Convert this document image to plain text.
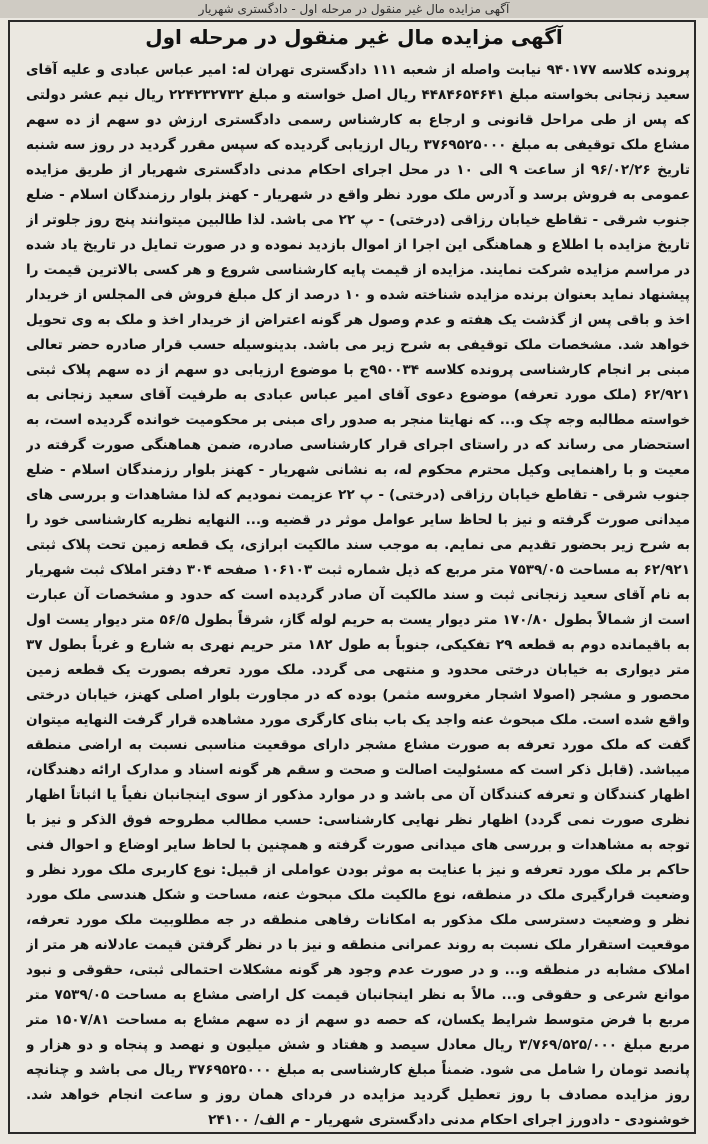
آگهی مزایده مال غیر منقول در مرحله اول - دادگستری شهریار
آگهی مزایده مال غیر منقول در مرحله اول

پرونده کلاسه ۹۴۰۱۷۷ نیابت واصله از شعبه ۱۱۱ دادگستری تهران له: امیر عباس عبادی و علیه آقای سعید زنجانی بخواسته مبلغ ۴۴۸۴۶۵۴۶۴۱ ریال اصل خواسته و مبلغ ۲۲۴۲۳۲۷۳۲ ریال نیم عشر دولتی که پس از طی مراحل قانونی و ارجاع به کارشناس رسمی دادگستری ارزش دو سهم از ده سهم مشاع ملک توقیفی به مبلغ ۳۷۶۹۵۲۵۰۰۰ ریال ارزیابی گردیده که سپس مقرر گردید در روز سه شنبه تاریخ ۹۶/۰۲/۲۶ از ساعت ۹ الی ۱۰ در محل اجرای احکام مدنی دادگستری شهریار از طریق مزایده عمومی به فروش برسد و آدرس ملک مورد نظر واقع در شهریار - کهنز بلوار رزمندگان اسلام - ضلع جنوب شرقی - تقاطع خیابان رزاقی (درختی) - پ ۲۲ می باشد. لذا طالبین میتوانند پنج روز جلوتر از تاریخ مزایده با اطلاع و هماهنگی این اجرا از اموال بازدید نموده و در صورت تمایل در تاریخ یاد شده در مراسم مزایده شرکت نمایند. مزایده از قیمت پایه کارشناسی شروع و هر کسی بالاترین قیمت را پیشنهاد نماید بعنوان برنده مزایده شناخته شده و ۱۰ درصد از کل مبلغ فروش فی المجلس از خریدار اخذ و باقی پس از گذشت یک هفته و عدم وصول هر گونه اعتراض از خریدار اخذ و ملک به وی تحویل خواهد شد. مشخصات ملک توقیفی به شرح زیر می باشد. بدینوسیله حسب قرار صادره حضر تعالی مبنی بر انجام کارشناسی پرونده کلاسه ۹۵۰۰۳۴ج با موضوع ارزیابی دو سهم از ده سهم پلاک ثبتی ۶۲/۹۲۱ (ملک مورد تعرفه) موضوع دعوی آقای امیر عباس عبادی به طرفیت آقای سعید زنجانی به خواسته مطالبه وجه چک و... که نهایتا منجر به صدور رای مبنی بر محکومیت خوانده گردیده است، به استحضار می رساند که در راستای اجرای قرار کارشناسی صادره، ضمن هماهنگی صورت گرفته در معیت و با راهنمایی وکیل محترم محکوم له، به نشانی شهریار - کهنز بلوار رزمندگان اسلام - ضلع جنوب شرقی - تقاطع خیابان رزاقی (درختی) - پ ۲۲ عزیمت نمودیم که لذا مشاهدات و بررسی های میدانی صورت گرفته و نیز با لحاظ سایر عوامل موثر در قضیه و... النهایه نظریه کارشناسی خود را به شرح زیر بحضور تقدیم می نمایم. به موجب سند مالکیت ابرازی، یک قطعه زمین تحت پلاک ثبتی ۶۲/۹۲۱ به مساحت ۷۵۳۹/۰۵ متر مربع که ذیل شماره ثبت ۱۰۶۱۰۳ صفحه ۳۰۴ دفتر املاک ثبت شهریار به نام آقای سعید زنجانی ثبت و سند مالکیت آن صادر گردیده است که حدود و مشخصات آن عبارت است از شمالاً بطول ۱۷۰/۸۰ متر دیوار یست به حریم لوله گاز، شرقاً بطول ۵۶/۵ متر دیوار یست اول به باقیمانده دوم به قطعه ۲۹ تفکیکی، جنوباً به طول ۱۸۲ متر حریم نهری به شارع و غرباً بطول ۳۷ متر دیواری به خیابان درختی محدود و منتهی می گردد. ملک مورد تعرفه بصورت یک قطعه زمین محصور و مشجر (اصولا اشجار مغروسه مثمر) بوده که در مجاورت بلوار اصلی کهنز، خیابان درختی واقع شده است. ملک مبحوث عنه واجد یک باب بنای کارگری مورد مشاهده قرار گرفت النهایه میتوان گفت که ملک مورد تعرفه به صورت مشاع مشجر دارای موقعیت مناسبی نسبت به اراضی منطقه میباشد. (قابل ذکر است که مسئولیت اصالت و صحت و سقم هر گونه اسناد و مدارک ارائه دهندگان، اظهار کنندگان و تعرفه کنندگان آن می باشد و در موارد مذکور از سوی اینجانبان نفیاً یا اثباتاً اظهار نظری صورت نمی گردد) اظهار نظر نهایی کارشناسی: حسب مطالب مطروحه فوق الذکر و نیز با توجه به مشاهدات و بررسی های میدانی صورت گرفته و همچنین با لحاظ سایر اوضاع و احوال فنی حاکم بر ملک مورد تعرفه و نیز با عنایت به موثر بودن عواملی از قبیل: نوع کاربری ملک مورد نظر و وضعیت قرارگیری ملک در منطقه، نوع مالکیت ملک مبحوث عنه، مساحت و شکل هندسی ملک مورد نظر و وضعیت دسترسی ملک مذکور به امکانات رفاهی منطقه در جه مطلوبیت ملک مورد تعرفه، موقعیت استقرار ملک نسبت به روند عمرانی منطقه و نیز با در نظر گرفتن قیمت عادلانه هر متر از املاک مشابه در منطقه و... و در صورت عدم وجود هر گونه مشکلات احتمالی ثبتی، حقوقی و نبود موانع شرعی و حقوقی و... مالاً به نظر اینجانبان قیمت کل اراضی مشاع به مساحت ۷۵۳۹/۰۵ متر مربع با فرض متوسط شرایط یکسان، که حصه دو سهم از ده سهم مشاع به مساحت ۱۵۰۷/۸۱ متر مربع مبلغ ۳/۷۶۹/۵۲۵/۰۰۰ ریال معادل سیصد و هفتاد و شش میلیون و نهصد و پنجاه و دو هزار و پانصد تومان را شامل می شود. ضمناً مبلغ کارشناسی به مبلغ ۳۷۶۹۵۲۵۰۰۰ ریال می باشد و چنانچه روز مزایده مصادف با روز تعطیل گردید مزایده در فردای همان روز و ساعت انجام خواهد شد. خوشنودی - دادورز اجرای احکام مدنی دادگستری شهریار - م الف/ ۲۴۱۰۰
